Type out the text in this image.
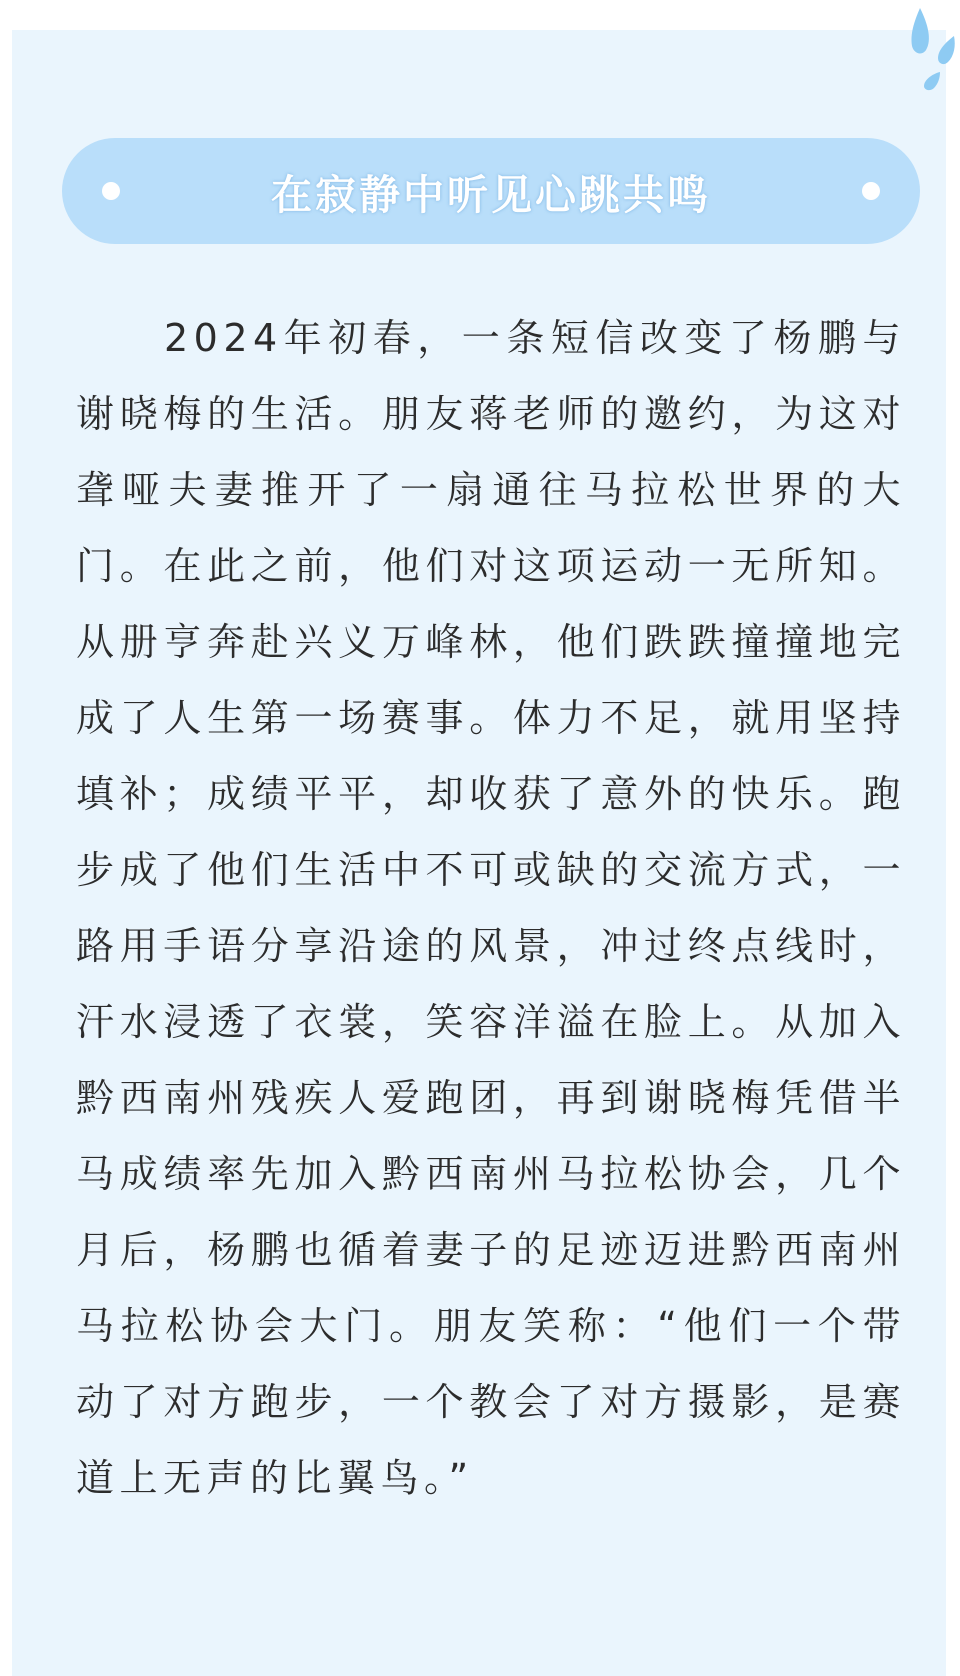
在寂静中听见心跳共鸣

2024年初春，一条短信改变了杨鹏与谢晓梅的生活。朋友蒋老师的邀约，为这对聋哑夫妻推开了一扇通往马拉松世界的大门。在此之前，他们对这项运动一无所知。从册亨奔赴兴义万峰林，他们跌跌撞撞地完成了人生第一场赛事。体力不足，就用坚持填补；成绩平平，却收获了意外的快乐。跑步成了他们生活中不可或缺的交流方式，一路用手语分享沿途的风景，冲过终点线时，汗水浸透了衣裳，笑容洋溢在脸上。从加入黔西南州残疾人爱跑团，再到谢晓梅凭借半马成绩率先加入黔西南州马拉松协会，几个月后，杨鹏也循着妻子的足迹迈进黔西南州马拉松协会大门。朋友笑称：“他们一个带动了对方跑步，一个教会了对方摄影，是赛道上无声的比翼鸟。”
